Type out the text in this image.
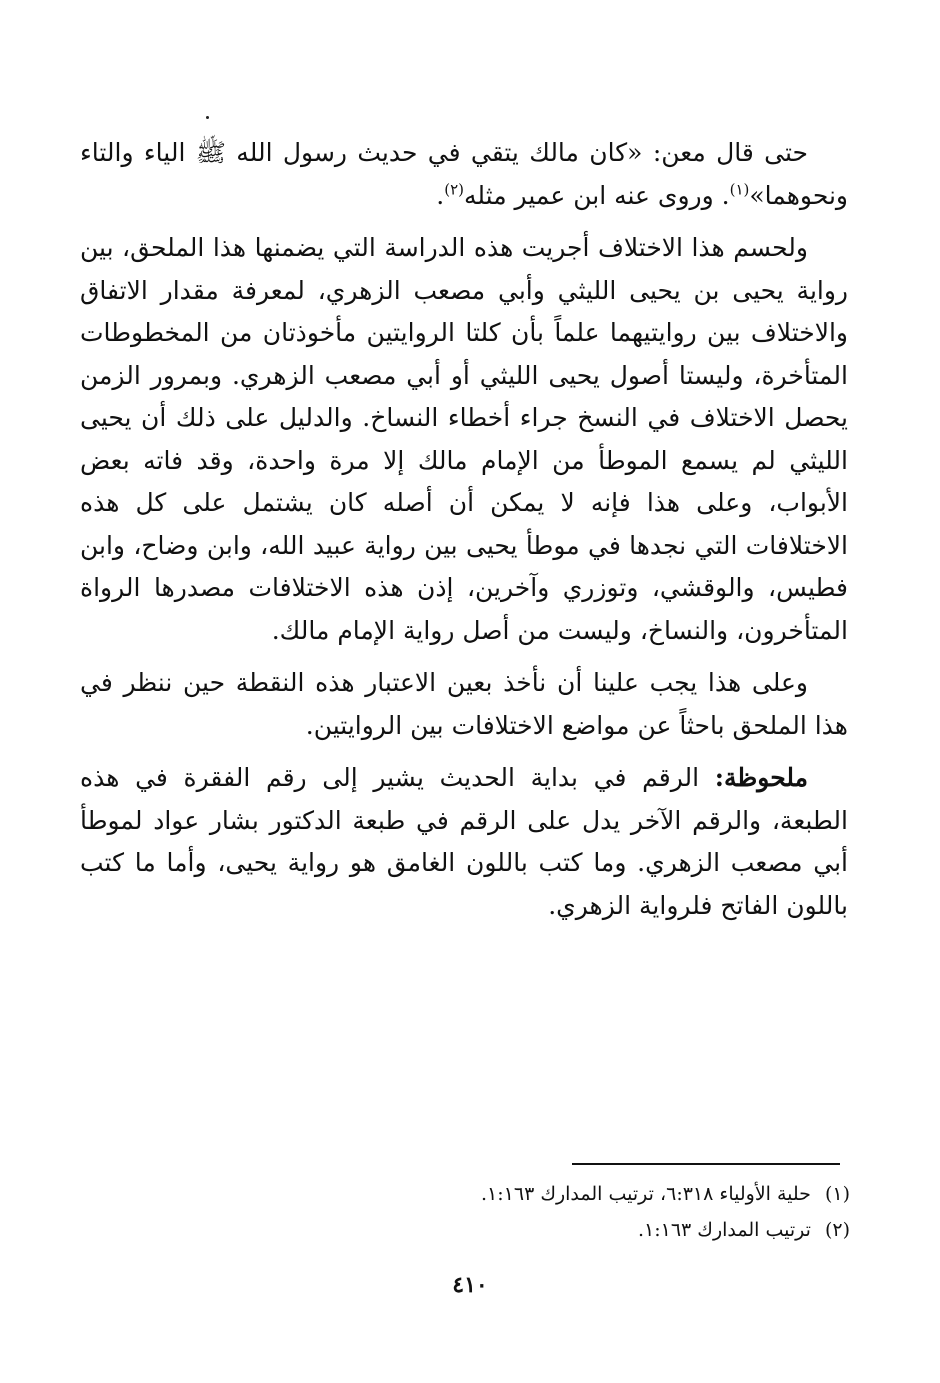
حتى قال معن: «كان مالك يتقي في حديث رسول الله ﷺ الياء والتاء ونحوهما»$^{(١)}$. وروى عنه ابن عمير مثله$^{(٢)}$.

ولحسم هذا الاختلاف أجريت هذه الدراسة التي يضمنها هذا الملحق، بين رواية يحيى بن يحيى الليثي وأبي مصعب الزهري، لمعرفة مقدار الاتفاق والاختلاف بين روايتيهما علماً بأن كلتا الروايتين مأخوذتان من المخطوطات المتأخرة، وليستا أصول يحيى الليثي أو أبي مصعب الزهري. وبمرور الزمن يحصل الاختلاف في النسخ جراء أخطاء النساخ. والدليل على ذلك أن يحيى الليثي لم يسمع الموطأ من الإمام مالك إلا مرة واحدة، وقد فاته بعض الأبواب، وعلى هذا فإنه لا يمكن أن أصله كان يشتمل على كل هذه الاختلافات التي نجدها في موطأ يحيى بين رواية عبيد الله، وابن وضاح، وابن فطيس، والوقشي، وتوزري وآخرين، إذن هذه الاختلافات مصدرها الرواة المتأخرون، والنساخ، وليست من أصل رواية الإمام مالك.

وعلى هذا يجب علينا أن نأخذ بعين الاعتبار هذه النقطة حين ننظر في هذا الملحق باحثاً عن مواضع الاختلافات بين الروايتين.

ملحوظة: الرقم في بداية الحديث يشير إلى رقم الفقرة في هذه الطبعة، والرقم الآخر يدل على الرقم في طبعة الدكتور بشار عواد لموطأ أبي مصعب الزهري. وما كتب باللون الغامق هو رواية يحيى، وأما ما كتب باللون الفاتح فلرواية الزهري.

(١)حلية الأولياء ٦:٣١٨، ترتيب المدارك ١:١٦٣.

(٢)ترتيب المدارك ١:١٦٣.

٤١٠
